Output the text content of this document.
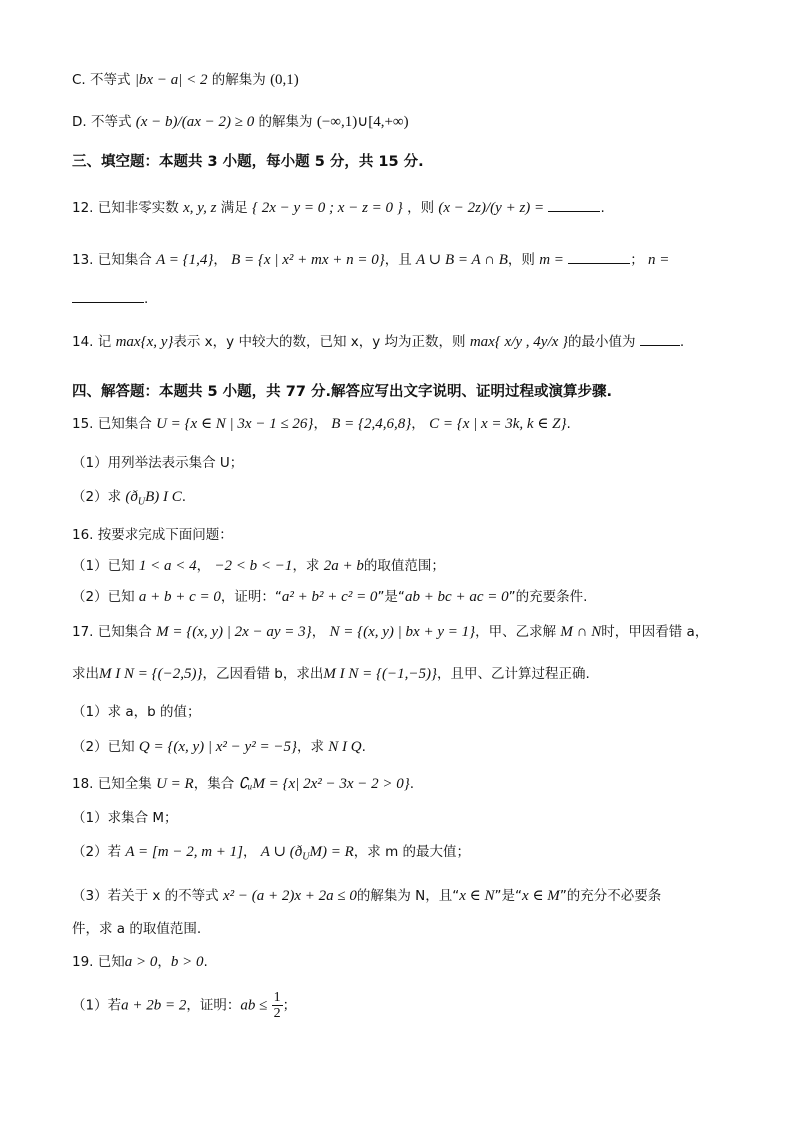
C. 不等式 |bx − a| < 2 的解集为 (0,1)
D. 不等式 (x − b)/(ax − 2) ≥ 0 的解集为 (−∞,1)∪[4,+∞)
三、填空题：本题共 3 小题，每小题 5 分，共 15 分.
12. 已知非零实数 x, y, z 满足 { 2x − y = 0 ; x − z = 0 } ，则 (x − 2z)/(y + z) =	.
13. 已知集合 A = {1,4}， B = {x | x² + mx + n = 0}，且 A ∪ B = A ∩ B，则 m =	； n =
.
14. 记 max{x, y}表示 x，y 中较大的数，已知 x，y 均为正数，则 max{ x/y , 4y/x }的最小值为	.
四、解答题：本题共 5 小题，共 77 分.解答应写出文字说明、证明过程或演算步骤.
15. 已知集合 U = {x ∈ N | 3x − 1 ≤ 26}， B = {2,4,6,8}， C = {x | x = 3k, k ∈ Z}.
（1）用列举法表示集合 U；
（2）求 $(ð_UB)$ I C.
16. 按要求完成下面问题：
（1）已知 1 < a < 4， −2 < b < −1，求 2a + b的取值范围；
（2）已知 a + b + c = 0，证明：“a² + b² + c² = 0”是“ab + bc + ac = 0”的充要条件.
17. 已知集合 M = {(x, y) | 2x − ay = 3}， N = {(x, y) | bx + y = 1}，甲、乙求解 M ∩ N时，甲因看错 a，
求出M I N = {(−2,5)}，乙因看错 b，求出M I N = {(−1,−5)}，且甲、乙计算过程正确.
（1）求 a，b 的值；
（2）已知 Q = {(x, y) | x² − y² = −5}，求 N I Q.
18. 已知全集 U = R，集合 ∁ᵤM = {x| 2x² − 3x − 2 > 0}.
（1）求集合 M；
（2）若 A = [m − 2, m + 1]， A ∪ $(ð_UM) = R$，求 m 的最大值；
（3）若关于 x 的不等式 x² − (a + 2)x + 2a ≤ 0的解集为 N，且“x ∈ N”是“x ∈ M”的充分不必要条
件，求 a 的取值范围.
19. 已知a > 0，b > 0.
（1）若a + 2b = 2，证明：ab ≤ $\frac{1}{2}$ ；
